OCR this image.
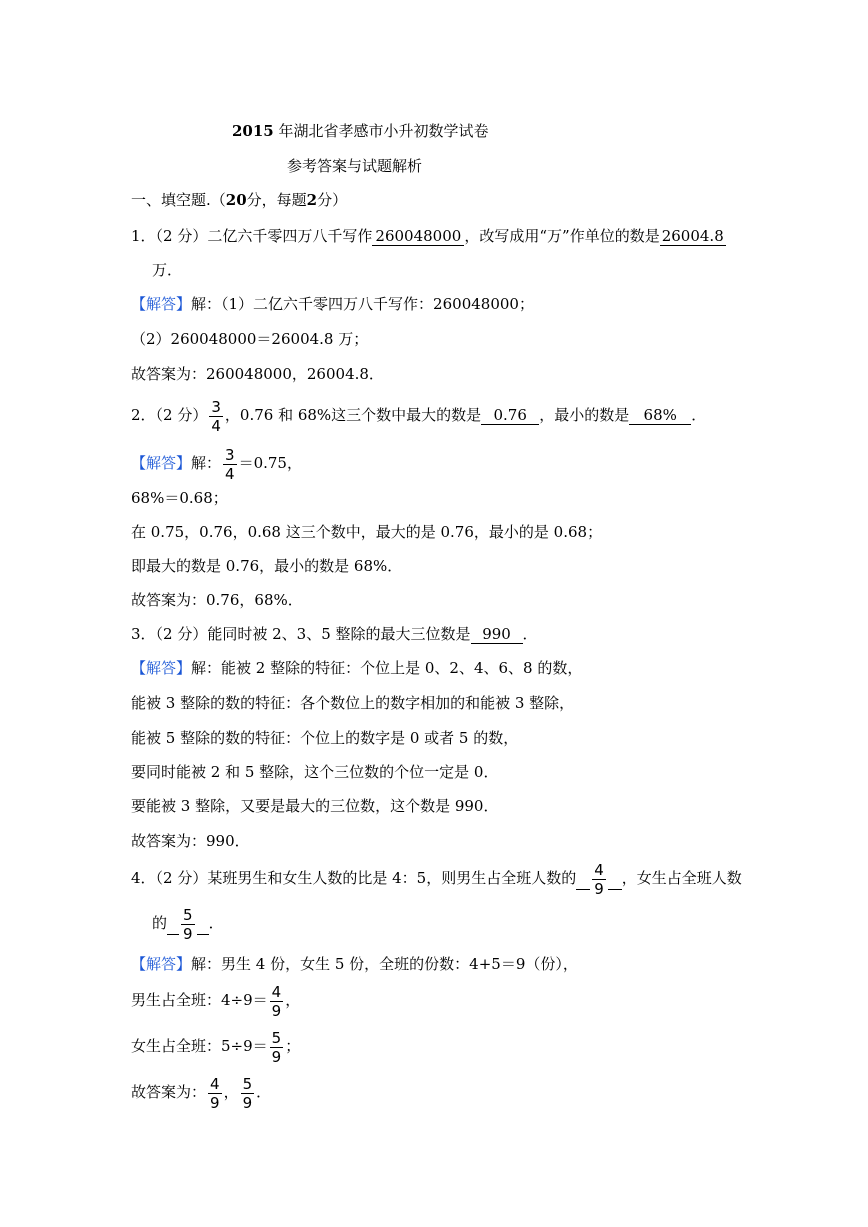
2015 年湖北省孝感市小升初数学试卷
参考答案与试题解析
一、填空题.（20分，每题2分）
1．（2 分）二亿六千零四万八千写作 260048000 ，改写成用“万”作单位的数是 26004.8
万．
【解答】解：（1）二亿六千零四万八千写作：260048000；
（2）260048000＝26004.8 万；
故答案为：260048000，26004.8．
2．（2 分） $\frac{3}{4}$ ，0.76 和 68%这三个数中最大的数是 0.76 ，最小的数是 68% ．
【解答】解： $\frac{3}{4} =0.75$，
68%＝0.68；
在 0.75，0.76，0.68 这三个数中，最大的是 0.76，最小的是 0.68；
即最大的数是 0.76，最小的数是 68%．
故答案为：0.76，68%．
3．（2 分）能同时被 2、3、5 整除的最大三位数是 990 ．
【解答】解：能被 2 整除的特征：个位上是 0、2、4、6、8 的数，
能被 3 整除的数的特征：各个数位上的数字相加的和能被 3 整除，
能被 5 整除的数的特征：个位上的数字是 0 或者 5 的数，
要同时能被 2 和 5 整除，这个三位数的个位一定是 0．
要能被 3 整除，又要是最大的三位数，这个数是 990．
故答案为：990．
4．（2 分）某班男生和女生人数的比是 4：5，则男生占全班人数的 $\frac{4}{9}$ ，女生占全班人数
的 $\frac{5}{9}$ ．
【解答】解：男生 4 份，女生 5 份，全班的份数：4+5＝9（份），
男生占全班：$4\div 9= \frac{4}{9}$ ，
女生占全班：$5\div 9= \frac{5}{9}$ ；
故答案为： $\frac{4}{9}$ ， $\frac{5}{9}$ ．
